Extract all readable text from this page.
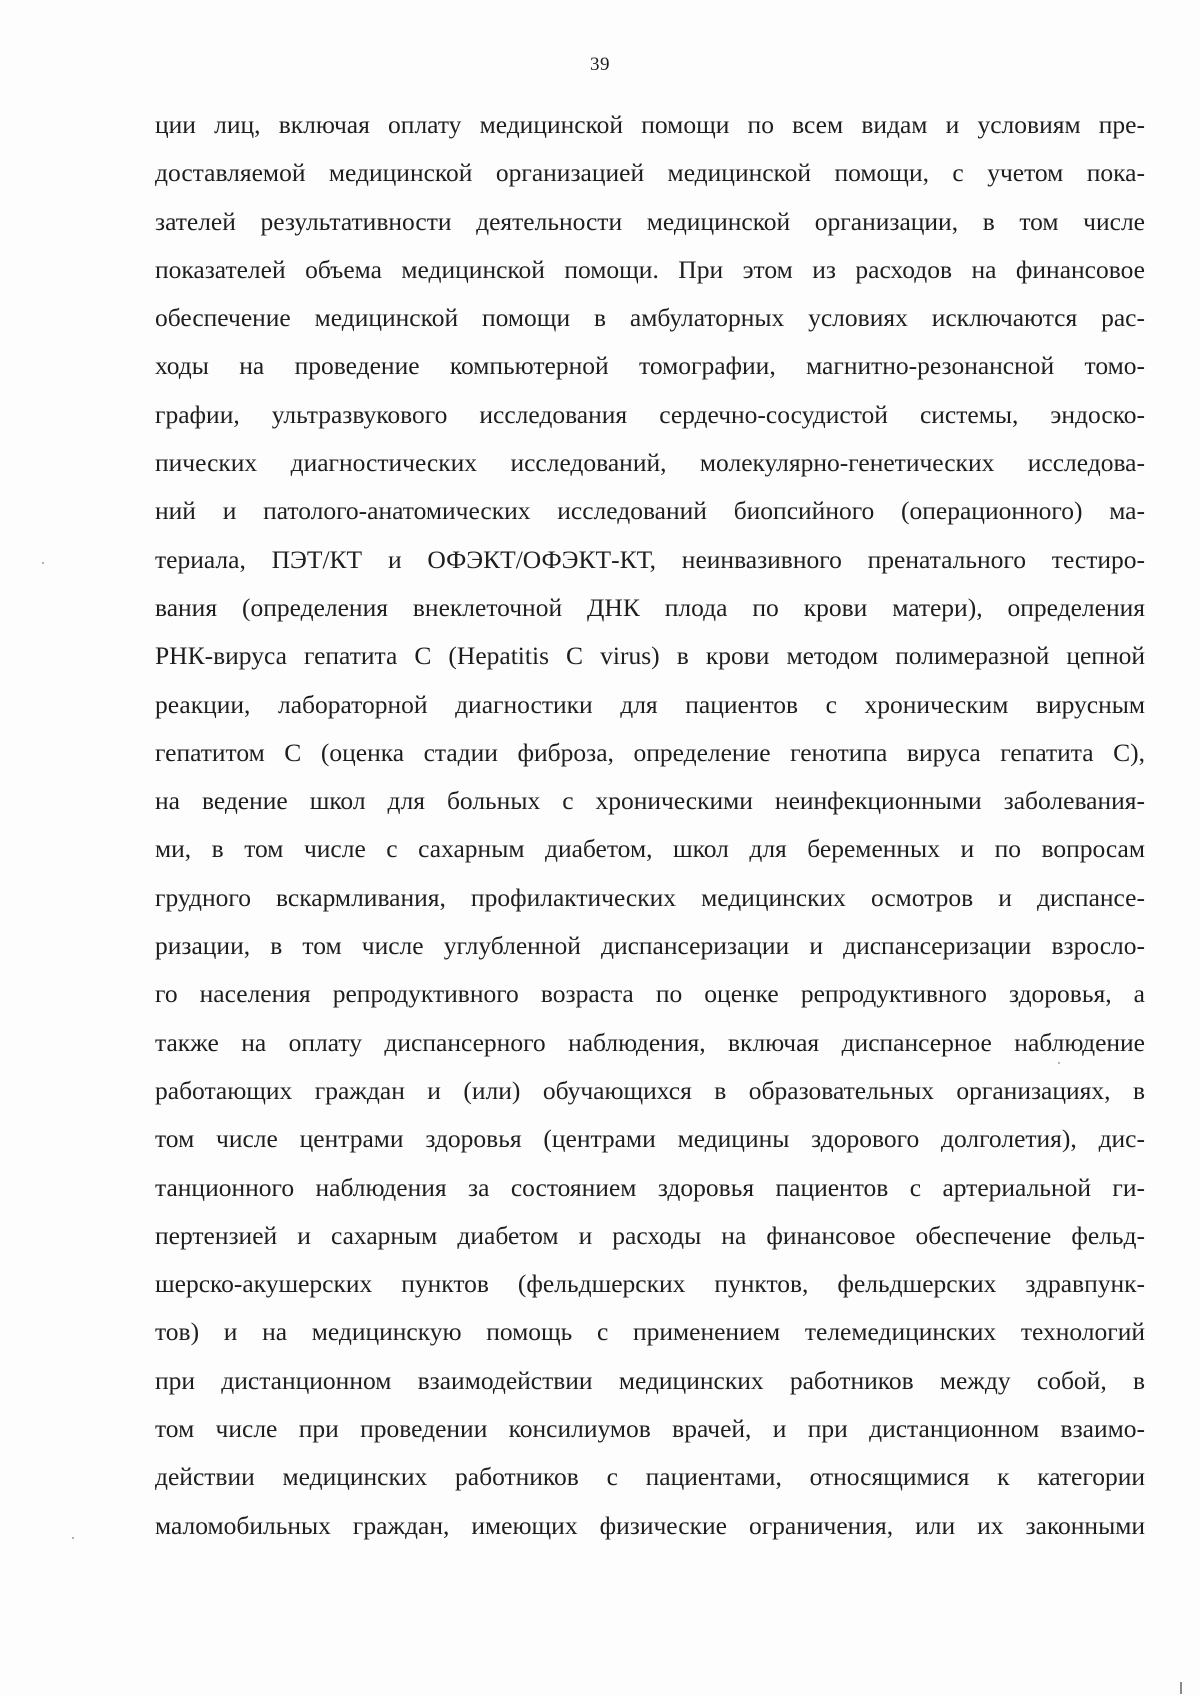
39
ции лиц, включая оплату медицинской помощи по всем видам и условиям пре-
доставляемой медицинской организацией медицинской помощи, с учетом пока-
зателей результативности деятельности медицинской организации, в том числе
показателей объема медицинской помощи. При этом из расходов на финансовое
обеспечение медицинской помощи в амбулаторных условиях исключаются рас-
ходы на проведение компьютерной томографии, магнитно-резонансной томо-
графии, ультразвукового исследования сердечно-сосудистой системы, эндоско-
пических диагностических исследований, молекулярно-генетических исследова-
ний и патолого-анатомических исследований биопсийного (операционного) ма-
териала, ПЭТ/КТ и ОФЭКТ/ОФЭКТ-КТ, неинвазивного пренатального тестиро-
вания (определения внеклеточной ДНК плода по крови матери), определения
РНК-вируса гепатита С (Hepatitis C virus) в крови методом полимеразной цепной
реакции, лабораторной диагностики для пациентов с хроническим вирусным
гепатитом С (оценка стадии фиброза, определение генотипа вируса гепатита С),
на ведение школ для больных с хроническими неинфекционными заболевания-
ми, в том числе с сахарным диабетом, школ для беременных и по вопросам
грудного вскармливания, профилактических медицинских осмотров и диспансе-
ризации, в том числе углубленной диспансеризации и диспансеризации взросло-
го населения репродуктивного возраста по оценке репродуктивного здоровья, а
также на оплату диспансерного наблюдения, включая диспансерное наблюдение
работающих граждан и (или) обучающихся в образовательных организациях, в
том числе центрами здоровья (центрами медицины здорового долголетия), дис-
танционного наблюдения за состоянием здоровья пациентов с артериальной ги-
пертензией и сахарным диабетом и расходы на финансовое обеспечение фельд-
шерско-акушерских пунктов (фельдшерских пунктов, фельдшерских здравпунк-
тов) и на медицинскую помощь с применением телемедицинских технологий
при дистанционном взаимодействии медицинских работников между собой, в
том числе при проведении консилиумов врачей, и при дистанционном взаимо-
действии медицинских работников с пациентами, относящимися к категории
маломобильных граждан, имеющих физические ограничения, или их законными
